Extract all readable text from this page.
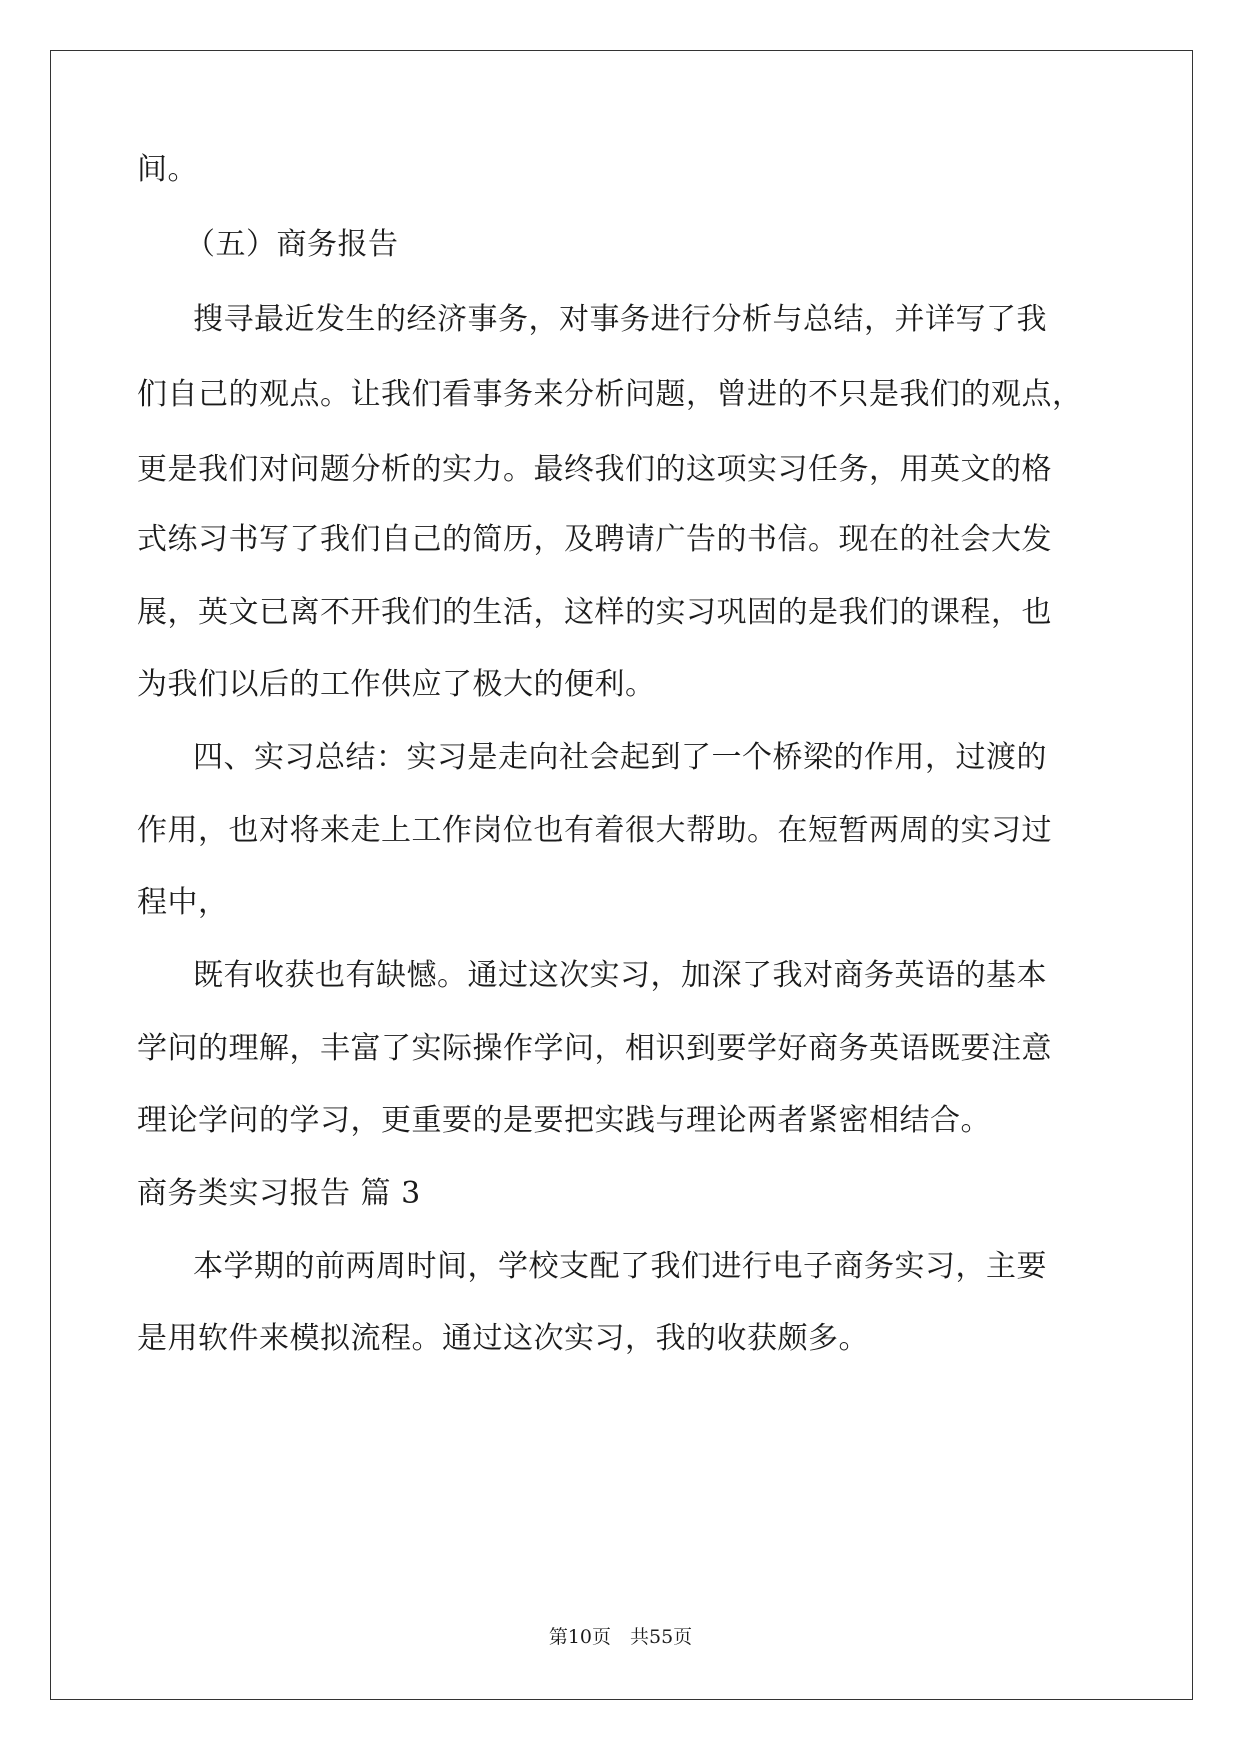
间。
（五）商务报告
搜寻最近发生的经济事务，对事务进行分析与总结，并详写了我
们自己的观点。让我们看事务来分析问题，曾进的不只是我们的观点，
更是我们对问题分析的实力。最终我们的这项实习任务，用英文的格
式练习书写了我们自己的简历，及聘请广告的书信。现在的社会大发
展，英文已离不开我们的生活，这样的实习巩固的是我们的课程，也
为我们以后的工作供应了极大的便利。
四、实习总结：实习是走向社会起到了一个桥梁的作用，过渡的
作用，也对将来走上工作岗位也有着很大帮助。在短暂两周的实习过
程中，
既有收获也有缺憾。通过这次实习，加深了我对商务英语的基本
学问的理解，丰富了实际操作学问，相识到要学好商务英语既要注意
理论学问的学习，更重要的是要把实践与理论两者紧密相结合。
商务类实习报告 篇 3
本学期的前两周时间，学校支配了我们进行电子商务实习，主要
是用软件来模拟流程。通过这次实习，我的收获颇多。
第10页　共55页
